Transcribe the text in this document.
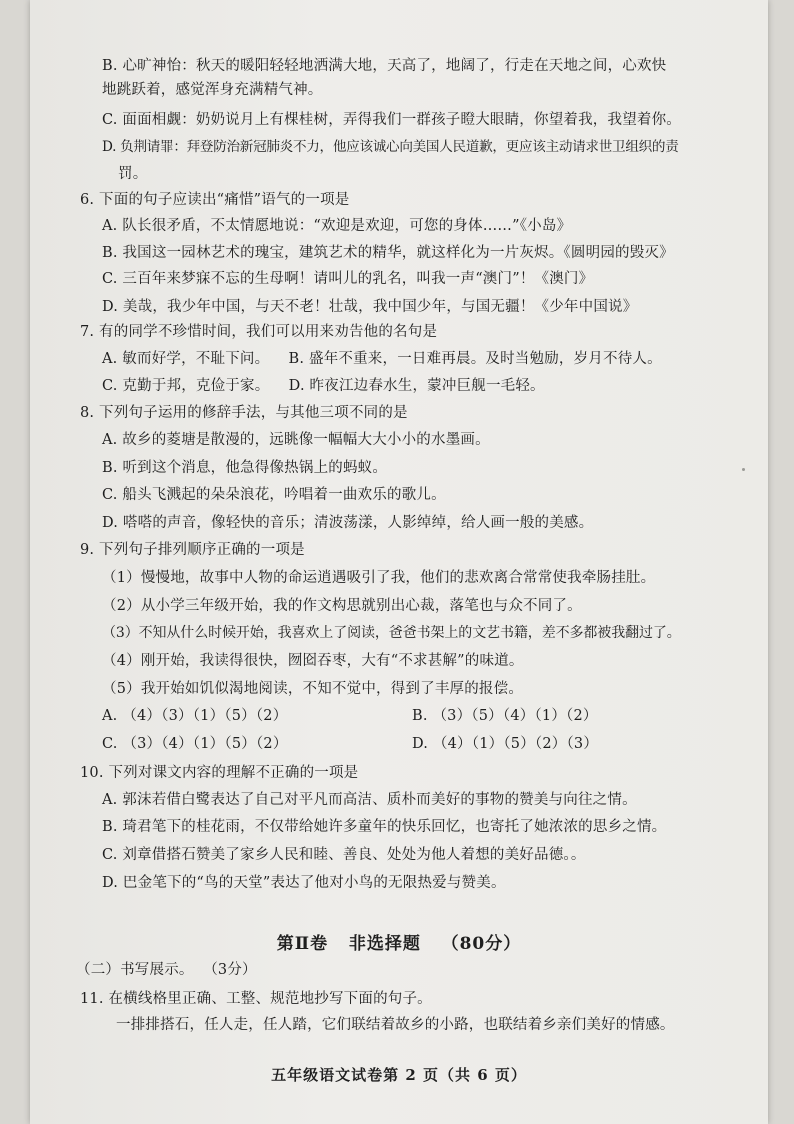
B. 心旷神怡：秋天的暖阳轻轻地洒满大地，天高了，地阔了，行走在天地之间，心欢快
地跳跃着，感觉浑身充满精气神。
C. 面面相觑：奶奶说月上有棵桂树，弄得我们一群孩子瞪大眼睛，你望着我，我望着你。
D. 负荆请罪：拜登防治新冠肺炎不力，他应该诚心向美国人民道歉，更应该主动请求世卫组织的责
罚。
6. 下面的句子应读出“痛惜”语气的一项是
A. 队长很矛盾，不太情愿地说：“欢迎是欢迎，可您的身体……”《小岛》
B. 我国这一园林艺术的瑰宝，建筑艺术的精华，就这样化为一片灰烬。《圆明园的毁灭》
C. 三百年来梦寐不忘的生母啊！请叫儿的乳名，叫我一声“澳门”！《澳门》
D. 美哉，我少年中国，与天不老！壮哉，我中国少年，与国无疆！《少年中国说》
7. 有的同学不珍惜时间，我们可以用来劝告他的名句是
A. 敏而好学，不耻下问。    B. 盛年不重来，一日难再晨。及时当勉励，岁月不待人。
C. 克勤于邦，克俭于家。    D. 昨夜江边春水生，蒙冲巨舰一毛轻。
8. 下列句子运用的修辞手法，与其他三项不同的是
A. 故乡的菱塘是散漫的，远眺像一幅幅大大小小的水墨画。
B. 听到这个消息，他急得像热锅上的蚂蚁。
C. 船头飞溅起的朵朵浪花，吟唱着一曲欢乐的歌儿。
D. 嗒嗒的声音，像轻快的音乐；清波荡漾，人影绰绰，给人画一般的美感。
9. 下列句子排列顺序正确的一项是
（1）慢慢地，故事中人物的命运逍遇吸引了我，他们的悲欢离合常常使我牵肠挂肚。
（2）从小学三年级开始，我的作文构思就别出心裁，落笔也与众不同了。
（3）不知从什么时候开始，我喜欢上了阅读，爸爸书架上的文艺书籍，差不多都被我翻过了。
（4）刚开始，我读得很快，囫囵吞枣，大有“不求甚解”的味道。
（5）我开始如饥似渴地阅读，不知不觉中，得到了丰厚的报偿。
A. （4）（3）（1）（5）（2）	B. （3）（5）（4）（1）（2）
C. （3）（4）（1）（5）（2）	D. （4）（1）（5）（2）（3）
10. 下列对课文内容的理解不正确的一项是
A. 郭沫若借白鹭表达了自己对平凡而高洁、质朴而美好的事物的赞美与向往之情。
B. 琦君笔下的桂花雨，不仅带给她许多童年的快乐回忆，也寄托了她浓浓的思乡之情。
C. 刘章借搭石赞美了家乡人民和睦、善良、处处为他人着想的美好品德。。
D. 巴金笔下的“鸟的天堂”表达了他对小鸟的无限热爱与赞美。
第Ⅱ卷   非选择题   （80分）
（二）书写展示。  （3分）
11. 在横线格里正确、工整、规范地抄写下面的句子。
一排排搭石，任人走，任人踏，它们联结着故乡的小路，也联结着乡亲们美好的情感。
五年级语文试卷第 2 页（共 6 页）
